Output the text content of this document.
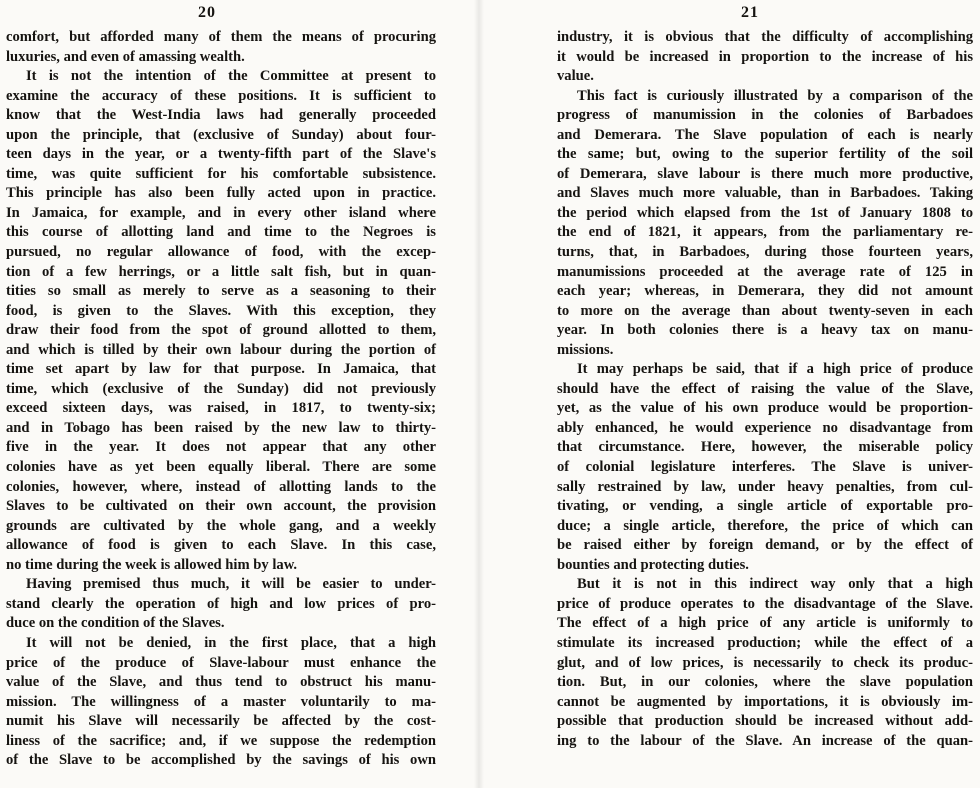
20
comfort, but afforded many of them the means of procuring
luxuries, and even of amassing wealth.
It is not the intention of the Committee at present to
examine the accuracy of these positions. It is sufficient to
know that the West-India laws had generally proceeded
upon the principle, that (exclusive of Sunday) about four-
teen days in the year, or a twenty-fifth part of the Slave's
time, was quite sufficient for his comfortable subsistence.
This principle has also been fully acted upon in practice.
In Jamaica, for example, and in every other island where
this course of allotting land and time to the Negroes is
pursued, no regular allowance of food, with the excep-
tion of a few herrings, or a little salt fish, but in quan-
tities so small as merely to serve as a seasoning to their
food, is given to the Slaves. With this exception, they
draw their food from the spot of ground allotted to them,
and which is tilled by their own labour during the portion of
time set apart by law for that purpose. In Jamaica, that
time, which (exclusive of the Sunday) did not previously
exceed sixteen days, was raised, in 1817, to twenty-six;
and in Tobago has been raised by the new law to thirty-
five in the year. It does not appear that any other
colonies have as yet been equally liberal. There are some
colonies, however, where, instead of allotting lands to the
Slaves to be cultivated on their own account, the provision
grounds are cultivated by the whole gang, and a weekly
allowance of food is given to each Slave. In this case,
no time during the week is allowed him by law.
Having premised thus much, it will be easier to under-
stand clearly the operation of high and low prices of pro-
duce on the condition of the Slaves.
It will not be denied, in the first place, that a high
price of the produce of Slave-labour must enhance the
value of the Slave, and thus tend to obstruct his manu-
mission. The willingness of a master voluntarily to ma-
numit his Slave will necessarily be affected by the cost-
liness of the sacrifice; and, if we suppose the redemption
of the Slave to be accomplished by the savings of his own
21
industry, it is obvious that the difficulty of accomplishing
it would be increased in proportion to the increase of his
value.
This fact is curiously illustrated by a comparison of the
progress of manumission in the colonies of Barbadoes
and Demerara. The Slave population of each is nearly
the same; but, owing to the superior fertility of the soil
of Demerara, slave labour is there much more productive,
and Slaves much more valuable, than in Barbadoes. Taking
the period which elapsed from the 1st of January 1808 to
the end of 1821, it appears, from the parliamentary re-
turns, that, in Barbadoes, during those fourteen years,
manumissions proceeded at the average rate of 125 in
each year; whereas, in Demerara, they did not amount
to more on the average than about twenty-seven in each
year. In both colonies there is a heavy tax on manu-
missions.
It may perhaps be said, that if a high price of produce
should have the effect of raising the value of the Slave,
yet, as the value of his own produce would be proportion-
ably enhanced, he would experience no disadvantage from
that circumstance. Here, however, the miserable policy
of colonial legislature interferes. The Slave is univer-
sally restrained by law, under heavy penalties, from cul-
tivating, or vending, a single article of exportable pro-
duce; a single article, therefore, the price of which can
be raised either by foreign demand, or by the effect of
bounties and protecting duties.
But it is not in this indirect way only that a high
price of produce operates to the disadvantage of the Slave.
The effect of a high price of any article is uniformly to
stimulate its increased production; while the effect of a
glut, and of low prices, is necessarily to check its produc-
tion. But, in our colonies, where the slave population
cannot be augmented by importations, it is obviously im-
possible that production should be increased without add-
ing to the labour of the Slave. An increase of the quan-
